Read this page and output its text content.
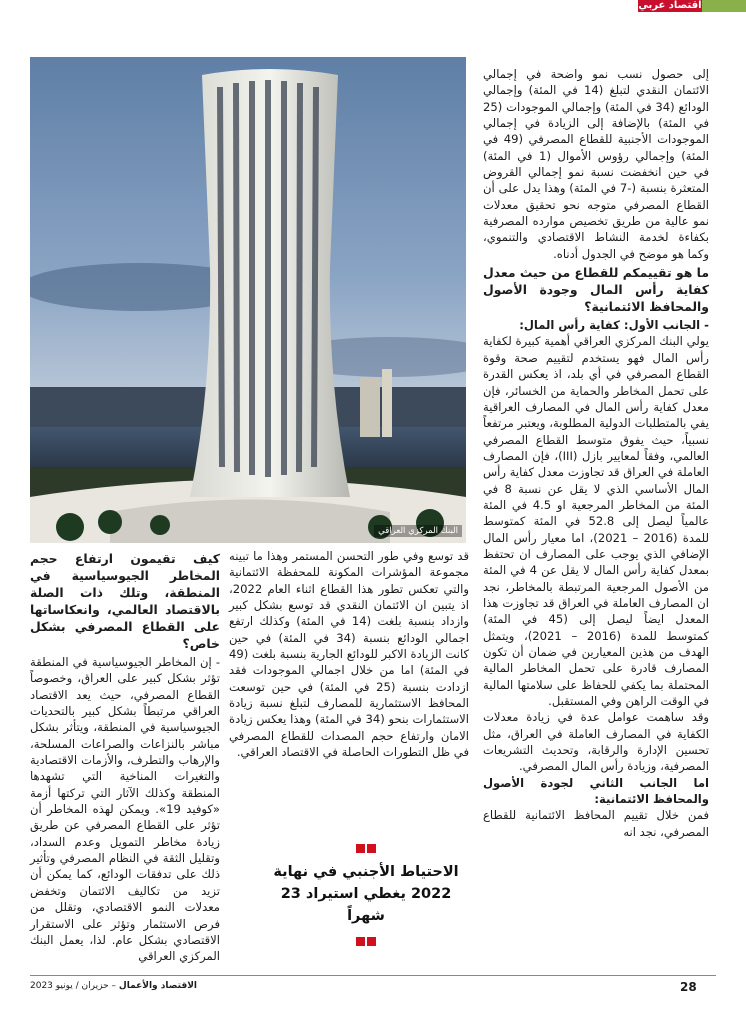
اقتصاد عربي
البنك المركزي العراقي

إلى حصول نسب نمو واضحة في إجمالي الائتمان النقدي لتبلغ (14 في المئة) وإجمالي الودائع (34 في المئة) وإجمالي الموجودات (25 في المئة) بالإضافة إلى الزيادة في إجمالي الموجودات الأجنبية للقطاع المصرفي (49 في المئة) وإجمالي رؤوس الأموال (1 في المئة) في حين انخفضت نسبة نمو إجمالي القروض المتعثرة بنسبة (-7 في المئة) وهذا يدل على أن القطاع المصرفي متوجه نحو تحقيق معدلات نمو عالية من طريق تخصيص موارده المصرفية بكفاءة لخدمة النشاط الاقتصادي والتنموي، وكما هو موضح في الجدول أدناه.

ما هو تقييمكم للقطاع من حيث معدل كفاية رأس المال وجودة الأصول والمحافظ الائتمانية؟

- الجانب الأول: كفاية رأس المال:

يولي البنك المركزي العراقي أهمية كبيرة لكفاية رأس المال فهو يستخدم لتقييم صحة وقوة القطاع المصرفي في أي بلد، اذ يعكس القدرة على تحمل المخاطر والحماية من الخسائر، فإن معدل كفاية رأس المال في المصارف العراقية يفي بالمتطلبات الدولية المطلوبة، ويعتبر مرتفعاً نسبياً، حيث يفوق متوسط القطاع المصرفي العالمي، وفقاً لمعايير بازل (III)، فإن المصارف العاملة في العراق قد تجاوزت معدل كفاية رأس المال الأساسي الذي لا يقل عن نسبة 8 في المئة من المخاطر المرجعية او 4.5 في المئة عالمياً ليصل إلى 52.8 في المئة كمتوسط للمدة (2016 – 2021)، اما معيار رأس المال الإضافي الذي يوجب على المصارف ان تحتفظ بمعدل كفاية رأس المال لا يقل عن 4 في المئة من الأصول المرجعية المرتبطة بالمخاطر، نجد ان المصارف العاملة في العراق قد تجاوزت هذا المعدل ايضاً ليصل إلى (45 في المئة) كمتوسط للمدة (2016 – 2021)، ويتمثل الهدف من هذين المعيارين في ضمان أن تكون المصارف قادرة على تحمل المخاطر المالية المحتملة بما يكفي للحفاظ على سلامتها المالية في الوقت الراهن وفي المستقبل.

وقد ساهمت عوامل عدة في زيادة معدلات الكفاية في المصارف العاملة في العراق، مثل تحسين الإدارة والرقابة، وتحديث التشريعات المصرفية، وزيادة رأس المال المصرفي.

اما الجانب الثاني لجودة الأصول والمحافظ الائتمانية:

فمن خلال تقييم المحافظ الائتمانية للقطاع المصرفي، نجد انه

قد توسع وفي طور التحسن المستمر وهذا ما تبينه مجموعة المؤشرات المكونة للمحفظة الائتمانية والتي تعكس تطور هذا القطاع اثناء العام 2022، اذ يتبين ان الائتمان النقدي قد توسع بشكل كبير وازداد بنسبة بلغت (14 في المئة) وكذلك ارتفع اجمالي الودائع بنسبة (34 في المئة) في حين كانت الزيادة الاكبر للودائع الجارية بنسبة بلغت (49 في المئة) اما من خلال اجمالي الموجودات فقد ازدادت بنسبة (25 في المئة) في حين توسعت المحافظ الاستثمارية للمصارف لتبلغ نسبة زيادة الاستثمارات بنحو (34 في المئة) وهذا يعكس زيادة الامان وارتفاع حجم المصدات للقطاع المصرفي في ظل التطورات الحاصلة في الاقتصاد العراقي.

الاحتياط الأجنبي في نهاية 2022 يغطي استيراد 23 شهراً
كيف تقيمون ارتفاع حجم المخاطر الجيوسياسية في المنطقة، وتلك ذات الصلة بالاقتصاد العالمي، وانعكاساتها على القطاع المصرفي بشكل خاص؟

- إن المخاطر الجيوسياسية في المنطقة تؤثر بشكل كبير على العراق، وخصوصاً القطاع المصرفي، حيث يعد الاقتصاد العراقي مرتبطاً بشكل كبير بالتحديات الجيوسياسية في المنطقة، ويتأثر بشكل مباشر بالنزاعات والصراعات المسلحة، والإرهاب والتطرف، والأزمات الاقتصادية والتغيرات المناخية التي تشهدها المنطقة وكذلك الآثار التي تركتها أزمة «كوفيد 19». ويمكن لهذه المخاطر أن تؤثر على القطاع المصرفي عن طريق زيادة مخاطر التمويل وعدم السداد، وتقليل الثقة في النظام المصرفي وتأثير ذلك على تدفقات الودائع، كما يمكن أن تزيد من تكاليف الائتمان وتخفض معدلات النمو الاقتصادي، وتقلل من فرص الاستثمار وتؤثر على الاستقرار الاقتصادي بشكل عام. لذا، يعمل البنك المركزي العراقي

28
الاقتصاد والأعمال – حزيران / يونيو 2023
